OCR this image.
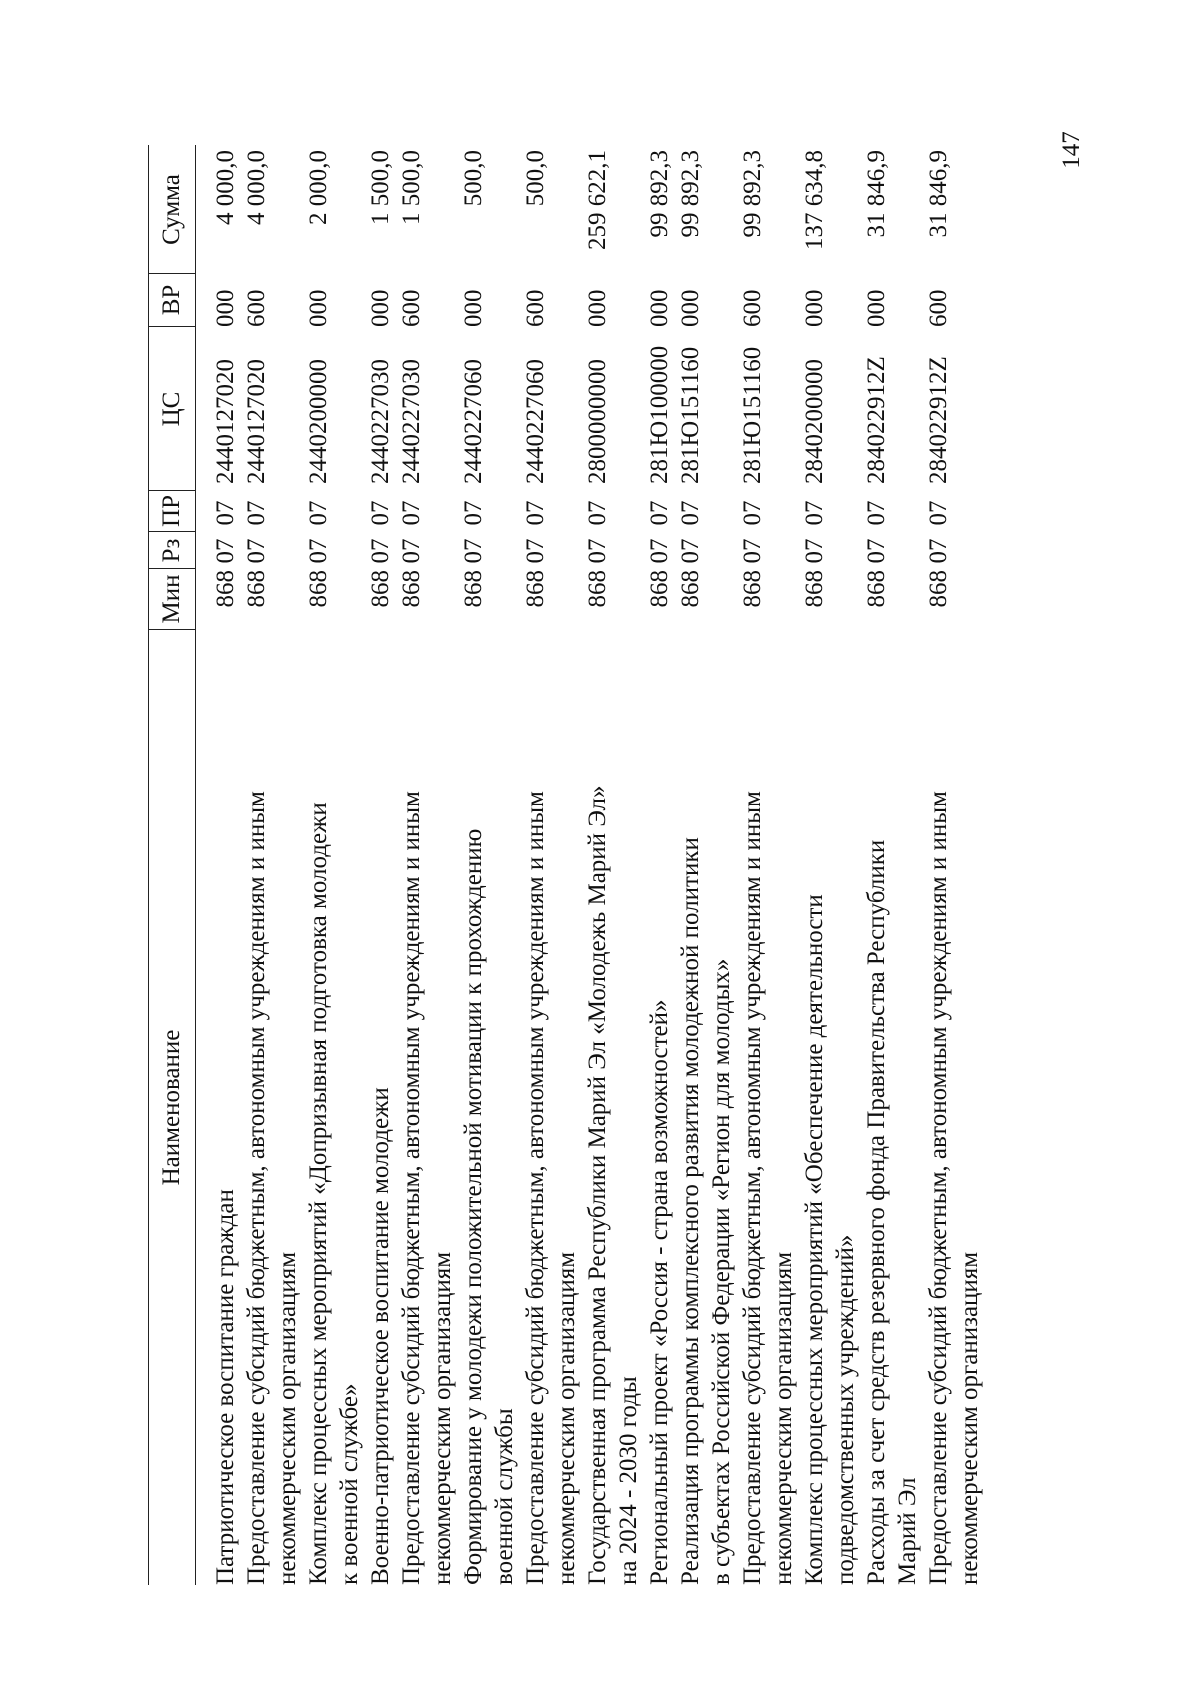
147
Наименование
Мин
Рз
ПР
ЦС
ВР
Сумма
Патриотическое воспитание граждан
868
07
07
2440127020
000
4 000,0
Предоставление субсидий бюджетным, автономным учреждениям и иным
некоммерческим организациям
868
07
07
2440127020
600
4 000,0
Комплекс процессных мероприятий «Допризывная подготовка молодежи
к военной службе»
868
07
07
2440200000
000
2 000,0
Военно-патриотическое воспитание молодежи
868
07
07
2440227030
000
1 500,0
Предоставление субсидий бюджетным, автономным учреждениям и иным
некоммерческим организациям
868
07
07
2440227030
600
1 500,0
Формирование у молодежи положительной мотивации к прохождению
военной службы
868
07
07
2440227060
000
500,0
Предоставление субсидий бюджетным, автономным учреждениям и иным
некоммерческим организациям
868
07
07
2440227060
600
500,0
Государственная программа Республики Марий Эл «Молодежь Марий Эл»
на 2024 - 2030 годы
868
07
07
2800000000
000
259 622,1
Региональный проект «Россия - страна возможностей»
868
07
07
281Ю100000
000
99 892,3
Реализация программы комплексного развития молодежной политики
в субъектах Российской Федерации «Регион для молодых»
868
07
07
281Ю151160
000
99 892,3
Предоставление субсидий бюджетным, автономным учреждениям и иным
некоммерческим организациям
868
07
07
281Ю151160
600
99 892,3
Комплекс процессных мероприятий «Обеспечение деятельности
подведомственных учреждений»
868
07
07
2840200000
000
137 634,8
Расходы за счет средств резервного фонда Правительства Республики
Марий Эл
868
07
07
284022912Z
000
31 846,9
Предоставление субсидий бюджетным, автономным учреждениям и иным
некоммерческим организациям
868
07
07
284022912Z
600
31 846,9
